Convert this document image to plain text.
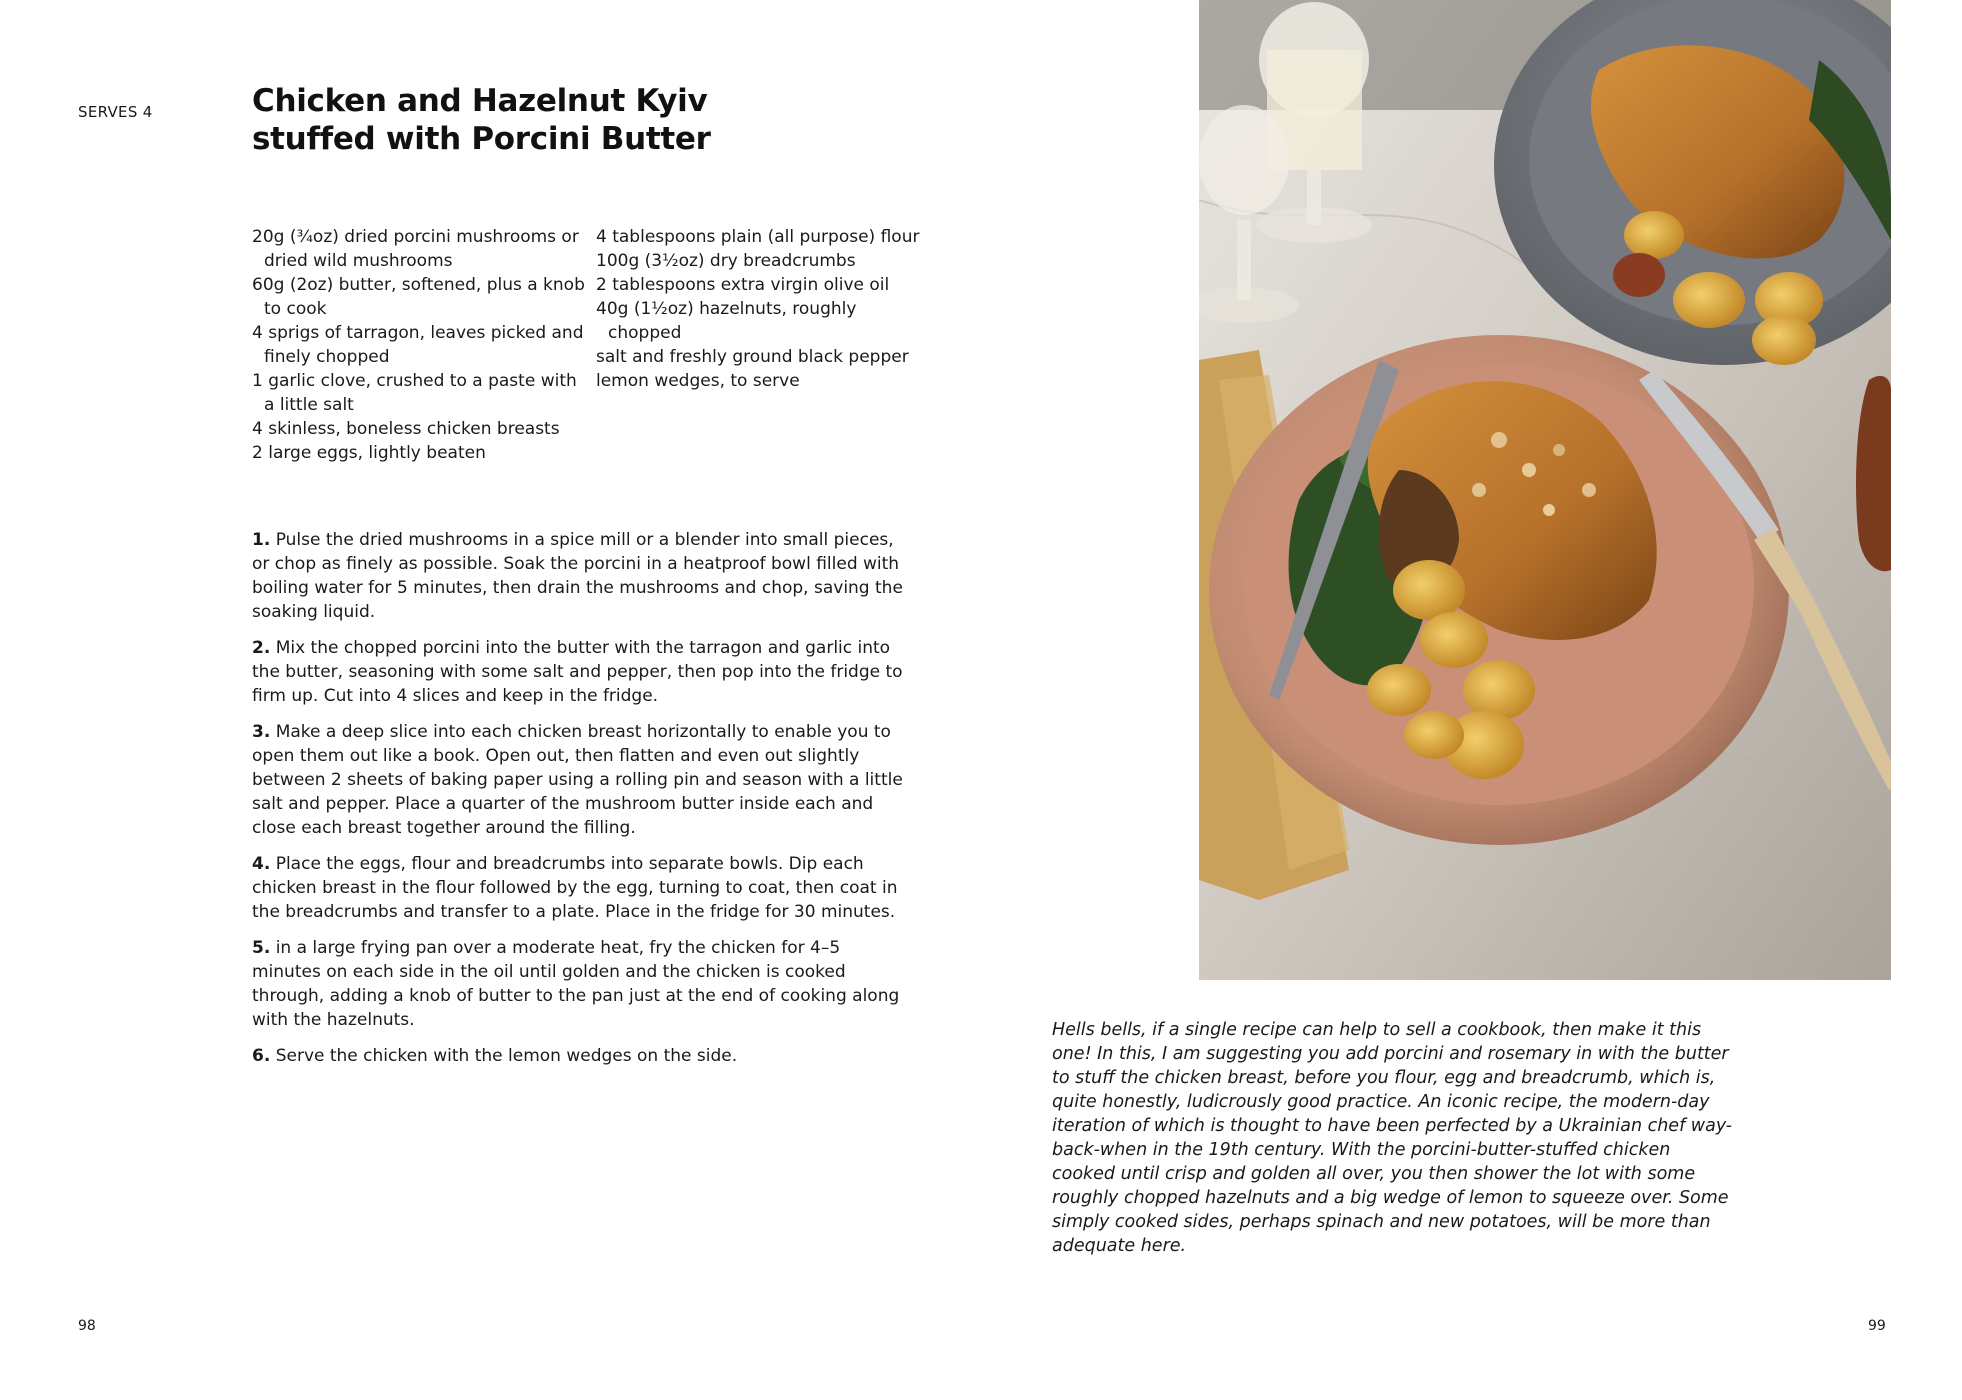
SERVES 4	Chicken and Hazelnut Kyiv
stuffed with Porcini Butter
20g (¾oz) dried porcini mushrooms or dried wild mushrooms
60g (2oz) butter, softened, plus a knob to cook
4 sprigs of tarragon, leaves picked and finely chopped
1 garlic clove, crushed to a paste with a little salt
4 skinless, boneless chicken breasts
2 large eggs, lightly beaten
4 tablespoons plain (all purpose) flour
100g (3½oz) dry breadcrumbs
2 tablespoons extra virgin olive oil
40g (1½oz) hazelnuts, roughly chopped
salt and freshly ground black pepper
lemon wedges, to serve

1. Pulse the dried mushrooms in a spice mill or a blender into small pieces, or chop as finely as possible. Soak the porcini in a heatproof bowl filled with boiling water for 5 minutes, then drain the mushrooms and chop, saving the soaking liquid.

2. Mix the chopped porcini into the butter with the tarragon and garlic into the butter, seasoning with some salt and pepper, then pop into the fridge to firm up. Cut into 4 slices and keep in the fridge.

3. Make a deep slice into each chicken breast horizontally to enable you to open them out like a book. Open out, then flatten and even out slightly between 2 sheets of baking paper using a rolling pin and season with a little salt and pepper. Place a quarter of the mushroom butter inside each and close each breast together around the filling.

4. Place the eggs, flour and breadcrumbs into separate bowls. Dip each chicken breast in the flour followed by the egg, turning to coat, then coat in the breadcrumbs and transfer to a plate. Place in the fridge for 30 minutes.

5. in a large frying pan over a moderate heat, fry the chicken for 4–5 minutes on each side in the oil until golden and the chicken is cooked through, adding a knob of butter to the pan just at the end of cooking along with the hazelnuts.

6. Serve the chicken with the lemon wedges on the side.

98

Hells bells, if a single recipe can help to sell a cookbook, then make it this one! In this, I am suggesting you add porcini and rosemary in with the butter to stuff the chicken breast, before you flour, egg and breadcrumb, which is, quite honestly, ludicrously good practice. An iconic recipe, the modern-day iteration of which is thought to have been perfected by a Ukrainian chef way-back-when in the 19th century. With the porcini-butter-stuffed chicken cooked until crisp and golden all over, you then shower the lot with some roughly chopped hazelnuts and a big wedge of lemon to squeeze over. Some simply cooked sides, perhaps spinach and new potatoes, will be more than adequate here.

99
